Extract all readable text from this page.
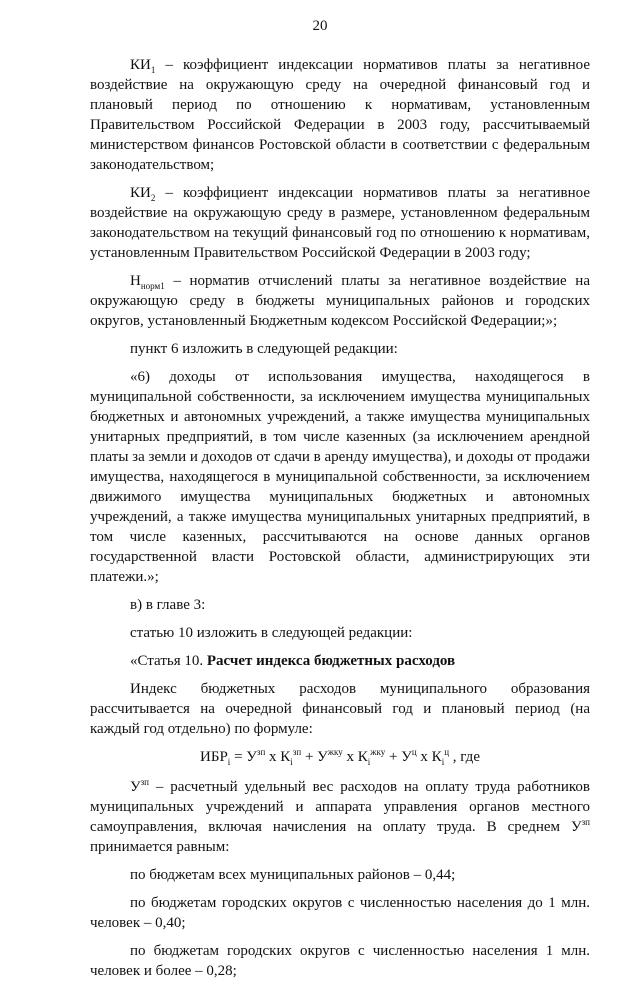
20

$КИ_1$ – коэффициент индексации нормативов платы за негативное воздействие на окружающую среду на очередной финансовый год и плановый период по отношению к нормативам, установленным Правительством Российской Федерации в 2003 году, рассчитываемый министерством финансов Ростовской области в соответствии с федеральным законодательством;

$КИ_2$ – коэффициент индексации нормативов платы за негативное воздействие на окружающую среду в размере, установленном федеральным законодательством на текущий финансовый год по отношению к нормативам, установленным Правительством Российской Федерации в 2003 году;

$Н_{норм1}$ – норматив отчислений платы за негативное воздействие на окружающую среду в бюджеты муниципальных районов и городских округов, установленный Бюджетным кодексом Российской Федерации;»;

пункт 6 изложить в следующей редакции:

«6) доходы от использования имущества, находящегося в муниципальной собственности, за исключением имущества муниципальных бюджетных и автономных учреждений, а также имущества муниципальных унитарных предприятий, в том числе казенных (за исключением арендной платы за земли и доходов от сдачи в аренду имущества), и доходы от продажи имущества, находящегося в муниципальной собственности, за исключением движимого имущества муниципальных бюджетных и автономных учреждений, а также имущества муниципальных унитарных предприятий, в том числе казенных, рассчитываются на основе данных органов государственной власти Ростовской области, администрирующих эти платежи.»;

в) в главе 3:

статью 10 изложить в следующей редакции:

«Статья 10. Расчет индекса бюджетных расходов

Индекс бюджетных расходов муниципального образования рассчитывается на очередной финансовый год и плановый период (на каждый год отдельно) по формуле:

$ИБР_i = У^{зп}$ х $К_i^{зп} + У^{жку}$ х $К_i^{жку} + У^ц$ х $К_i^ц$ , где

$У^{зп}$ – расчетный удельный вес расходов на оплату труда работников муниципальных учреждений и аппарата управления органов местного самоуправления, включая начисления на оплату труда. В среднем $У^{зп}$ принимается равным:

по бюджетам всех муниципальных районов – 0,44;

по бюджетам городских округов с численностью населения до 1 млн. человек – 0,40;

по бюджетам городских округов с численностью населения 1 млн. человек и более – 0,28;
